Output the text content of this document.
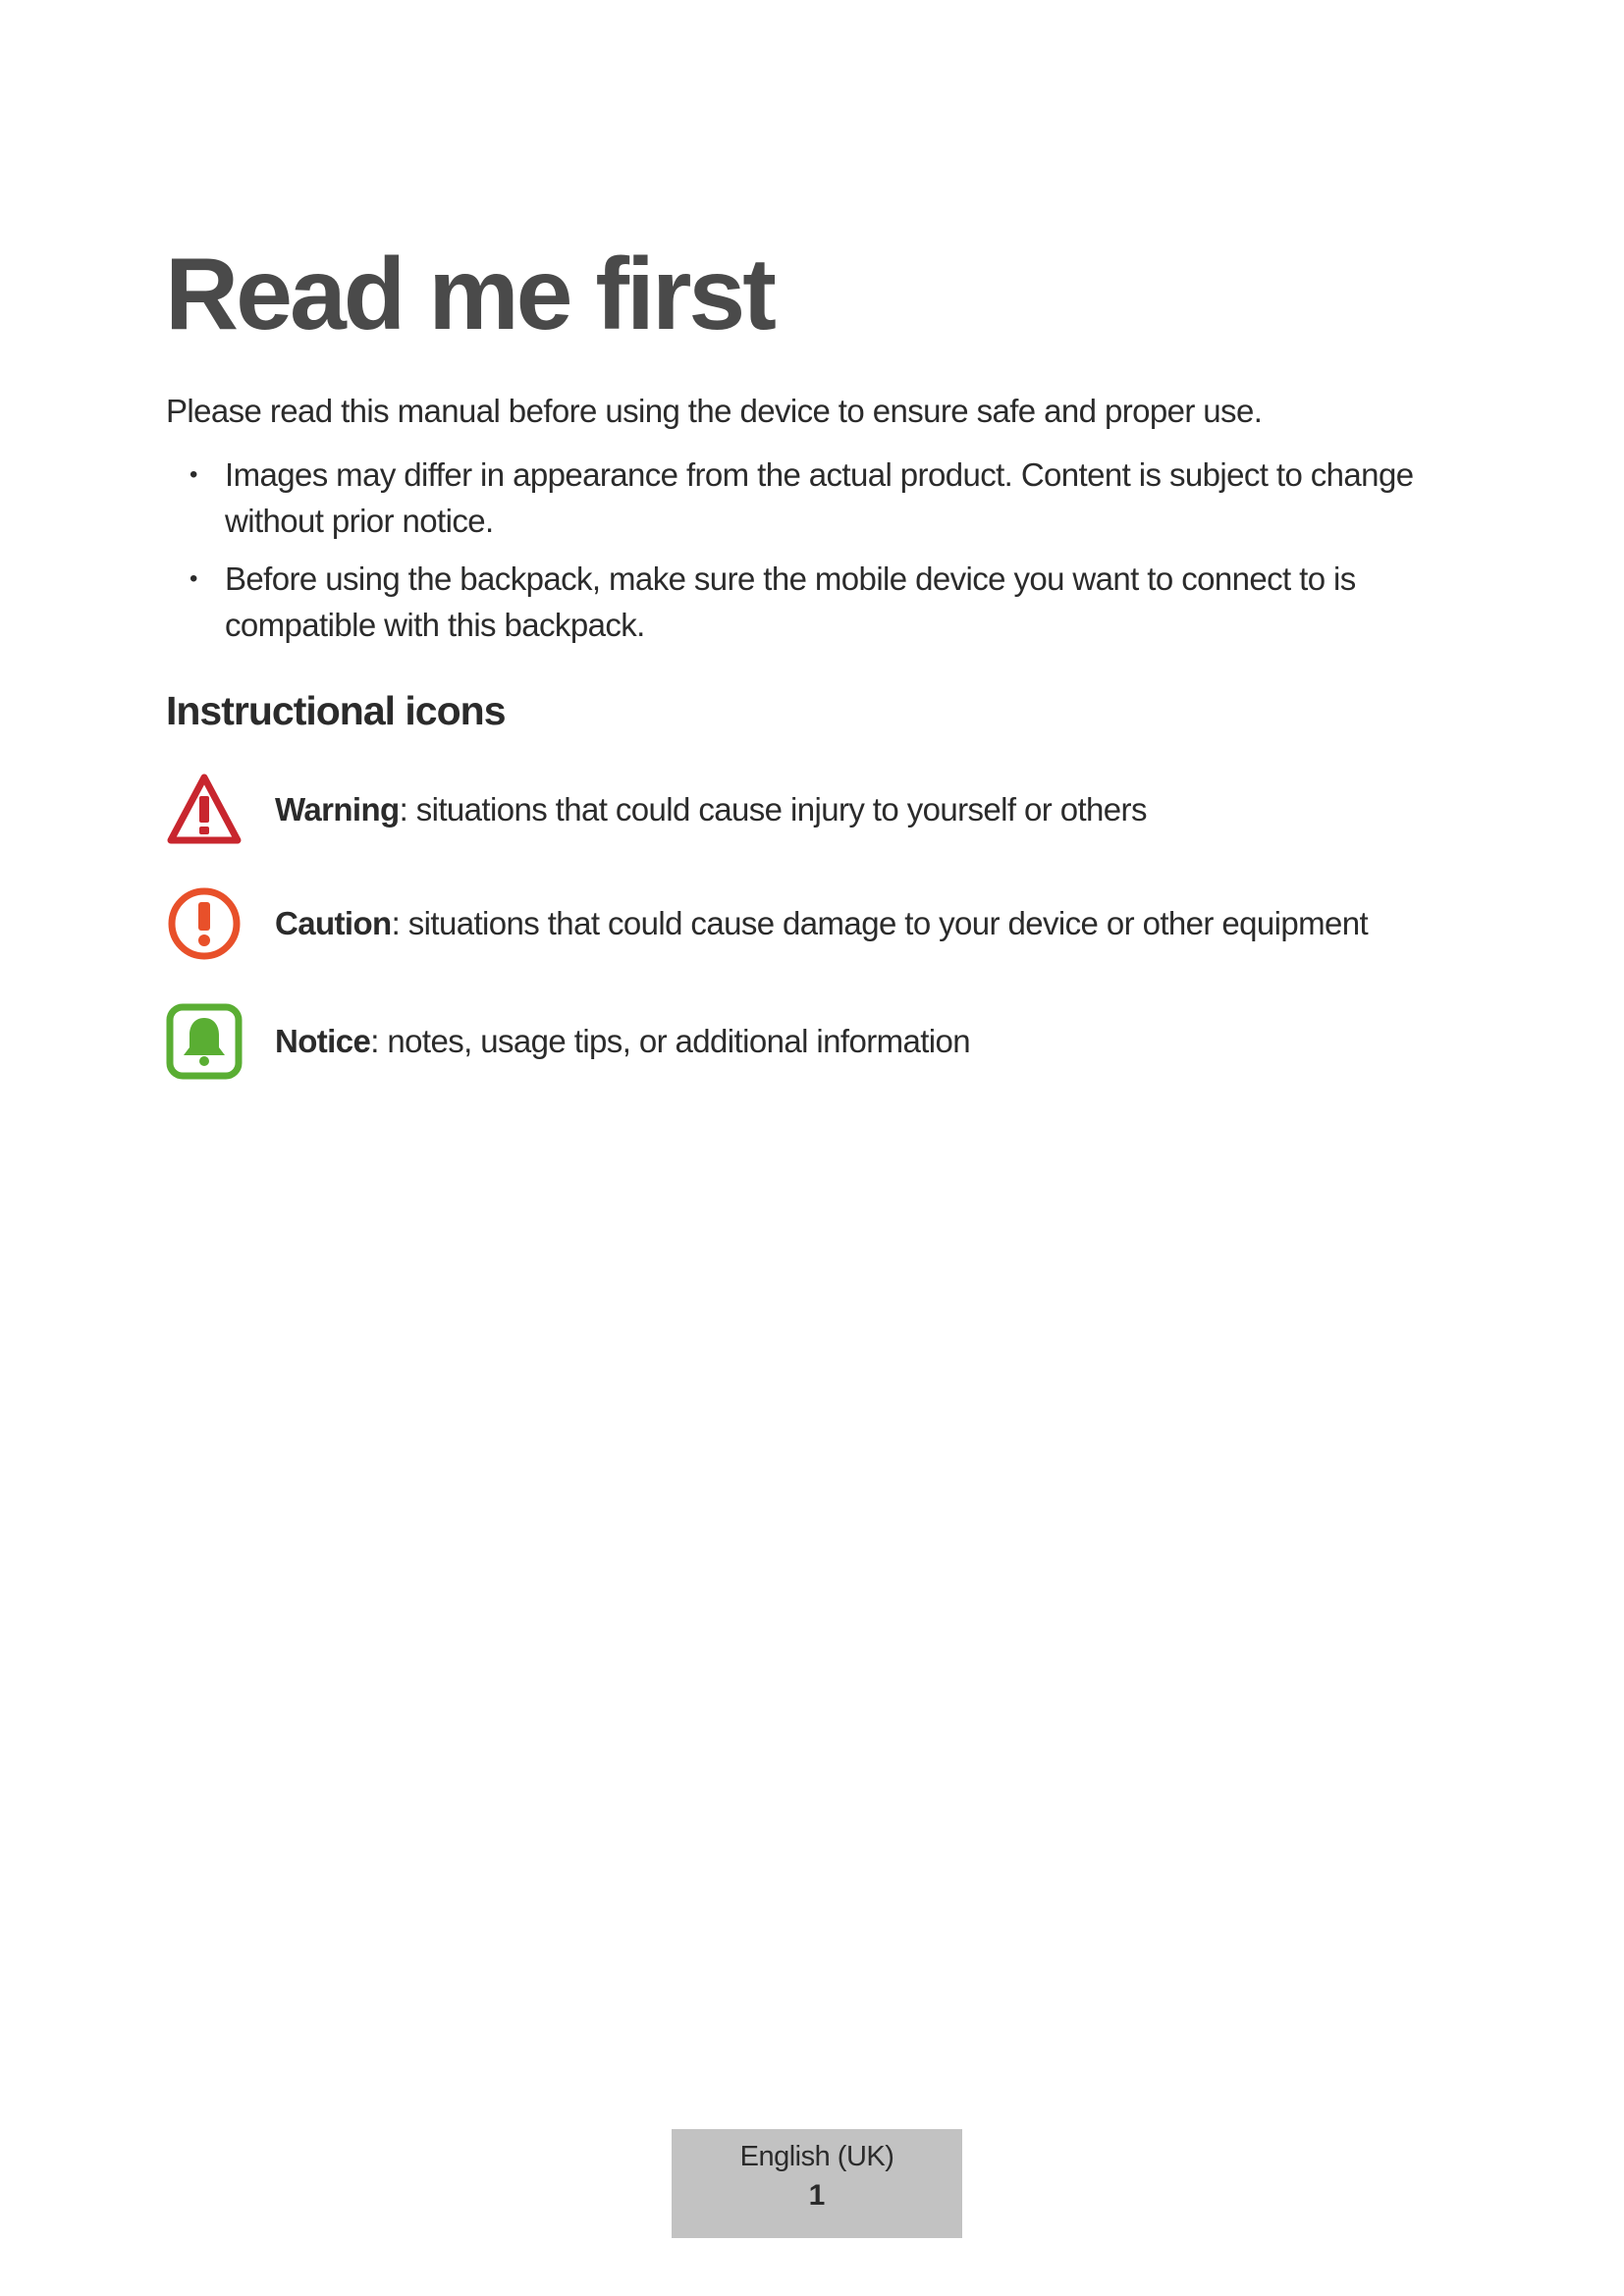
Read me first

Please read this manual before using the device to ensure safe and proper use.

• Images may differ in appearance from the actual product. Content is subject to change without prior notice.
• Before using the backpack, make sure the mobile device you want to connect to is compatible with this backpack.
Instructional icons
Warning: situations that could cause injury to yourself or others
Caution: situations that could cause damage to your device or other equipment
Notice: notes, usage tips, or additional information
English (UK)
1
